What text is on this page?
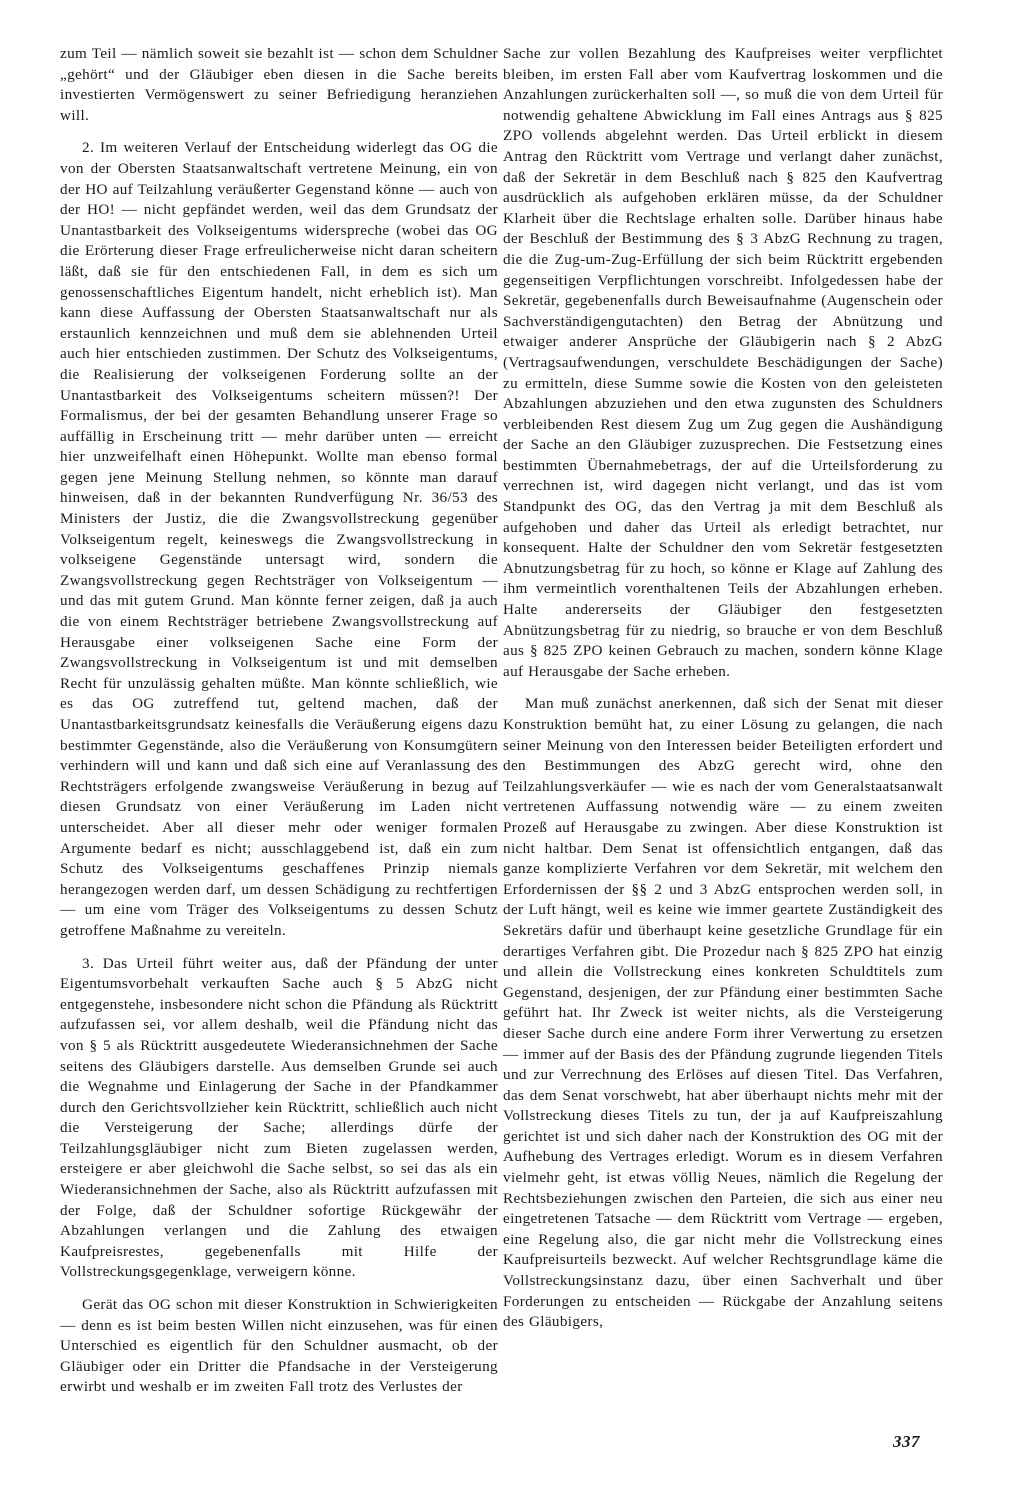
zum Teil — nämlich soweit sie bezahlt ist — schon dem Schuldner „gehört“ und der Gläubiger eben diesen in die Sache bereits investierten Vermögenswert zu seiner Befriedigung heranziehen will.

2. Im weiteren Verlauf der Entscheidung widerlegt das OG die von der Obersten Staatsanwaltschaft vertretene Meinung, ein von der HO auf Teilzahlung veräußerter Gegenstand könne — auch von der HO! — nicht gepfändet werden, weil das dem Grundsatz der Unantastbarkeit des Volkseigentums widerspreche (wobei das OG die Erörterung dieser Frage erfreulicherweise nicht daran scheitern läßt, daß sie für den entschiedenen Fall, in dem es sich um genossenschaftliches Eigentum handelt, nicht erheblich ist). Man kann diese Auffassung der Obersten Staatsanwaltschaft nur als erstaunlich kennzeichnen und muß dem sie ablehnenden Urteil auch hier entschieden zustimmen. Der Schutz des Volkseigentums, die Realisierung der volkseigenen Forderung sollte an der Unantastbarkeit des Volkseigentums scheitern müssen?! Der Formalismus, der bei der gesamten Behandlung unserer Frage so auffällig in Erscheinung tritt — mehr darüber unten — erreicht hier unzweifelhaft einen Höhepunkt. Wollte man ebenso formal gegen jene Meinung Stellung nehmen, so könnte man darauf hinweisen, daß in der bekannten Rundverfügung Nr. 36/53 des Ministers der Justiz, die die Zwangsvollstreckung gegenüber Volkseigentum regelt, keineswegs die Zwangsvollstreckung in volkseigene Gegenstände untersagt wird, sondern die Zwangsvollstreckung gegen Rechtsträger von Volkseigentum — und das mit gutem Grund. Man könnte ferner zeigen, daß ja auch die von einem Rechtsträger betriebene Zwangsvollstreckung auf Herausgabe einer volkseigenen Sache eine Form der Zwangsvollstreckung in Volkseigentum ist und mit demselben Recht für unzulässig gehalten müßte. Man könnte schließlich, wie es das OG zutreffend tut, geltend machen, daß der Unantastbarkeitsgrundsatz keinesfalls die Veräußerung eigens dazu bestimmter Gegenstände, also die Veräußerung von Konsumgütern verhindern will und kann und daß sich eine auf Veranlassung des Rechtsträgers erfolgende zwangsweise Veräußerung in bezug auf diesen Grundsatz von einer Veräußerung im Laden nicht unterscheidet. Aber all dieser mehr oder weniger formalen Argumente bedarf es nicht; ausschlaggebend ist, daß ein zum Schutz des Volkseigentums geschaffenes Prinzip niemals herangezogen werden darf, um dessen Schädigung zu rechtfertigen — um eine vom Träger des Volkseigentums zu dessen Schutz getroffene Maßnahme zu vereiteln.

3. Das Urteil führt weiter aus, daß der Pfändung der unter Eigentumsvorbehalt verkauften Sache auch § 5 AbzG nicht entgegenstehe, insbesondere nicht schon die Pfändung als Rücktritt aufzufassen sei, vor allem deshalb, weil die Pfändung nicht das von § 5 als Rücktritt ausgedeutete Wiederansichnehmen der Sache seitens des Gläubigers darstelle. Aus demselben Grunde sei auch die Wegnahme und Einlagerung der Sache in der Pfandkammer durch den Gerichtsvollzieher kein Rücktritt, schließlich auch nicht die Versteigerung der Sache; allerdings dürfe der Teilzahlungsgläubiger nicht zum Bieten zugelassen werden, ersteigere er aber gleichwohl die Sache selbst, so sei das als ein Wiederansichnehmen der Sache, also als Rücktritt aufzufassen mit der Folge, daß der Schuldner sofortige Rückgewähr der Abzahlungen verlangen und die Zahlung des etwaigen Kaufpreisrestes, gegebenenfalls mit Hilfe der Vollstreckungsgegenklage, verweigern könne.

Gerät das OG schon mit dieser Konstruktion in Schwierigkeiten — denn es ist beim besten Willen nicht einzusehen, was für einen Unterschied es eigentlich für den Schuldner ausmacht, ob der Gläubiger oder ein Dritter die Pfandsache in der Versteigerung erwirbt und weshalb er im zweiten Fall trotz des Verlustes der

Sache zur vollen Bezahlung des Kaufpreises weiter verpflichtet bleiben, im ersten Fall aber vom Kaufvertrag loskommen und die Anzahlungen zurückerhalten soll —, so muß die von dem Urteil für notwendig gehaltene Abwicklung im Fall eines Antrags aus § 825 ZPO vollends abgelehnt werden. Das Urteil erblickt in diesem Antrag den Rücktritt vom Vertrage und verlangt daher zunächst, daß der Sekretär in dem Beschluß nach § 825 den Kaufvertrag ausdrücklich als aufgehoben erklären müsse, da der Schuldner Klarheit über die Rechtslage erhalten solle. Darüber hinaus habe der Beschluß der Bestimmung des § 3 AbzG Rechnung zu tragen, die die Zug-um-Zug-Erfüllung der sich beim Rücktritt ergebenden gegenseitigen Verpflichtungen vorschreibt. Infolgedessen habe der Sekretär, gegebenenfalls durch Beweisaufnahme (Augenschein oder Sachverständigengutachten) den Betrag der Abnützung und etwaiger anderer Ansprüche der Gläubigerin nach § 2 AbzG (Vertragsaufwendungen, verschuldete Beschädigungen der Sache) zu ermitteln, diese Summe sowie die Kosten von den geleisteten Abzahlungen abzuziehen und den etwa zugunsten des Schuldners verbleibenden Rest diesem Zug um Zug gegen die Aushändigung der Sache an den Gläubiger zuzusprechen. Die Festsetzung eines bestimmten Übernahmebetrags, der auf die Urteilsforderung zu verrechnen ist, wird dagegen nicht verlangt, und das ist vom Standpunkt des OG, das den Vertrag ja mit dem Beschluß als aufgehoben und daher das Urteil als erledigt betrachtet, nur konsequent. Halte der Schuldner den vom Sekretär festgesetzten Abnutzungsbetrag für zu hoch, so könne er Klage auf Zahlung des ihm vermeintlich vorenthaltenen Teils der Abzahlungen erheben. Halte andererseits der Gläubiger den festgesetzten Abnützungsbetrag für zu niedrig, so brauche er von dem Beschluß aus § 825 ZPO keinen Gebrauch zu machen, sondern könne Klage auf Herausgabe der Sache erheben.

Man muß zunächst anerkennen, daß sich der Senat mit dieser Konstruktion bemüht hat, zu einer Lösung zu gelangen, die nach seiner Meinung von den Interessen beider Beteiligten erfordert und den Bestimmungen des AbzG gerecht wird, ohne den Teilzahlungsverkäufer — wie es nach der vom Generalstaatsanwalt vertretenen Auffassung notwendig wäre — zu einem zweiten Prozeß auf Herausgabe zu zwingen. Aber diese Konstruktion ist nicht haltbar. Dem Senat ist offensichtlich entgangen, daß das ganze komplizierte Verfahren vor dem Sekretär, mit welchem den Erfordernissen der §§ 2 und 3 AbzG entsprochen werden soll, in der Luft hängt, weil es keine wie immer geartete Zuständigkeit des Sekretärs dafür und überhaupt keine gesetzliche Grundlage für ein derartiges Verfahren gibt. Die Prozedur nach § 825 ZPO hat einzig und allein die Vollstreckung eines konkreten Schuldtitels zum Gegenstand, desjenigen, der zur Pfändung einer bestimmten Sache geführt hat. Ihr Zweck ist weiter nichts, als die Versteigerung dieser Sache durch eine andere Form ihrer Verwertung zu ersetzen — immer auf der Basis des der Pfändung zugrunde liegenden Titels und zur Verrechnung des Erlöses auf diesen Titel. Das Verfahren, das dem Senat vorschwebt, hat aber überhaupt nichts mehr mit der Vollstreckung dieses Titels zu tun, der ja auf Kaufpreiszahlung gerichtet ist und sich daher nach der Konstruktion des OG mit der Aufhebung des Vertrages erledigt. Worum es in diesem Verfahren vielmehr geht, ist etwas völlig Neues, nämlich die Regelung der Rechtsbeziehungen zwischen den Parteien, die sich aus einer neu eingetretenen Tatsache — dem Rücktritt vom Vertrage — ergeben, eine Regelung also, die gar nicht mehr die Vollstreckung eines Kaufpreisurteils bezweckt. Auf welcher Rechtsgrundlage käme die Vollstreckungsinstanz dazu, über einen Sachverhalt und über Forderungen zu entscheiden — Rückgabe der Anzahlung seitens des Gläubigers,

337
